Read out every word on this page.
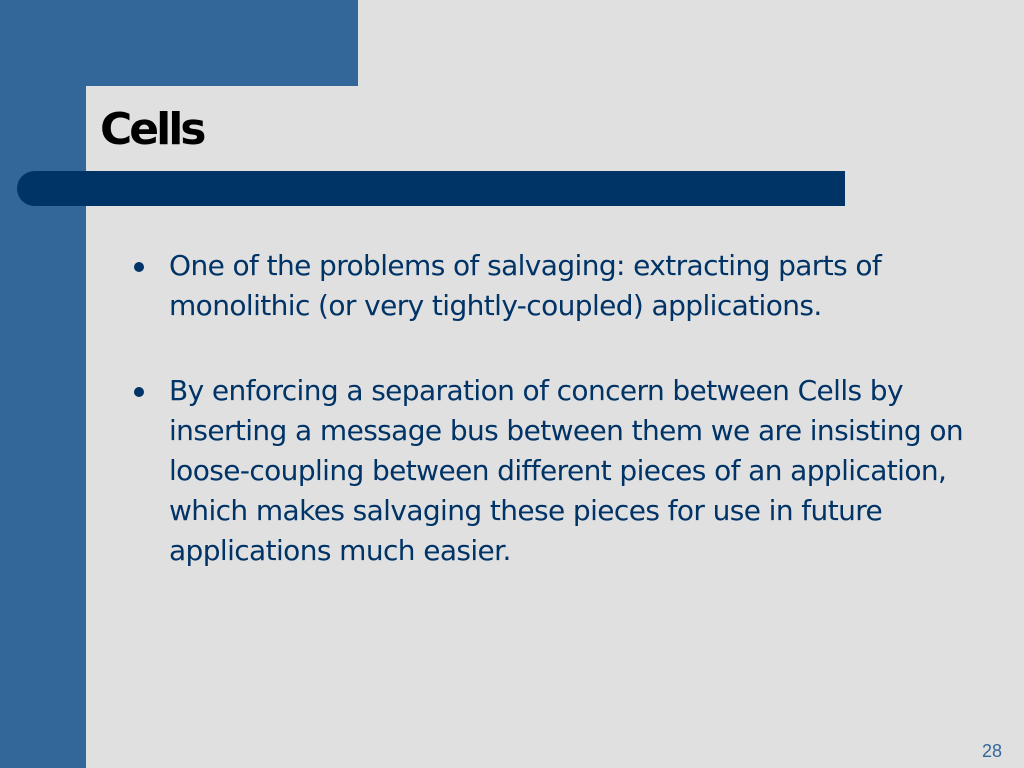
Cells
One of the problems of salvaging: extracting parts of monolithic (or very tightly-coupled) applications.
By enforcing a separation of concern between Cells by inserting a message bus between them we are insisting on loose-coupling between different pieces of an application, which makes salvaging these pieces for use in future applications much easier.
28
